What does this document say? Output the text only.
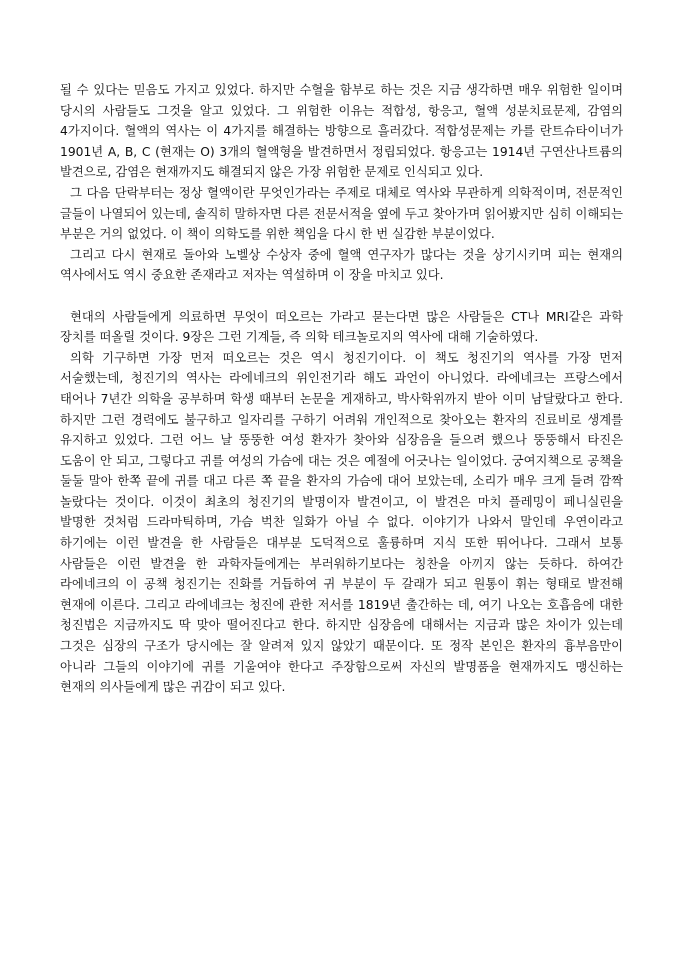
될 수 있다는 믿음도 가지고 있었다. 하지만 수혈을 함부로 하는 것은 지금 생각하면 매우 위험한 일이며 당시의 사람들도 그것을 알고 있었다. 그 위험한 이유는 적합성, 항응고, 혈액 성분치료문제, 감염의 4가지이다. 혈액의 역사는 이 4가지를 해결하는 방향으로 흘러갔다. 적합성문제는 카를 란트슈타이너가 1901년 A, B, C (현재는 O) 3개의 혈액형을 발견하면서 정립되었다. 항응고는 1914년 구연산나트륨의 발견으로, 감염은 현재까지도 해결되지 않은 가장 위험한 문제로 인식되고 있다.

그 다음 단락부터는 정상 혈액이란 무엇인가라는 주제로 대체로 역사와 무관하게 의학적이며, 전문적인 글들이 나열되어 있는데, 솔직히 말하자면 다른 전문서적을 옆에 두고 찾아가며 읽어봤지만 심히 이해되는 부분은 거의 없었다. 이 책이 의학도를 위한 책임을 다시 한 번 실감한 부분이었다.

그리고 다시 현재로 돌아와 노벨상 수상자 중에 혈액 연구자가 많다는 것을 상기시키며 피는 현재의 역사에서도 역시 중요한 존재라고 저자는 역설하며 이 장을 마치고 있다.

현대의 사람들에게 의료하면 무엇이 떠오르는 가라고 묻는다면 많은 사람들은 CT나 MRI같은 과학 장치를 떠올릴 것이다. 9장은 그런 기계들, 즉 의학 테크놀로지의 역사에 대해 기술하였다.

의학 기구하면 가장 먼저 떠오르는 것은 역시 청진기이다. 이 책도 청진기의 역사를 가장 먼저 서술했는데, 청진기의 역사는 라에네크의 위인전기라 해도 과언이 아니었다. 라에네크는 프랑스에서 태어나 7년간 의학을 공부하며 학생 때부터 논문을 게재하고, 박사학위까지 받아 이미 남달랐다고 한다. 하지만 그런 경력에도 불구하고 일자리를 구하기 어려워 개인적으로 찾아오는 환자의 진료비로 생계를 유지하고 있었다. 그런 어느 날 뚱뚱한 여성 환자가 찾아와 심장음을 들으려 했으나 뚱뚱해서 타진은 도움이 안 되고, 그렇다고 귀를 여성의 가슴에 대는 것은 예절에 어긋나는 일이었다. 궁여지책으로 공책을 둘둘 말아 한쪽 끝에 귀를 대고 다른 쪽 끝을 환자의 가슴에 대어 보았는데, 소리가 매우 크게 들려 깜짝 놀랐다는 것이다. 이것이 최초의 청진기의 발명이자 발견이고, 이 발견은 마치 플레밍이 페니실린을 발명한 것처럼 드라마틱하며, 가슴 벅찬 일화가 아닐 수 없다. 이야기가 나와서 말인데 우연이라고 하기에는 이런 발견을 한 사람들은 대부분 도덕적으로 훌륭하며 지식 또한 뛰어나다. 그래서 보통 사람들은 이런 발견을 한 과학자들에게는 부러워하기보다는 칭찬을 아끼지 않는 듯하다. 하여간 라에네크의 이 공책 청진기는 진화를 거듭하여 귀 부분이 두 갈래가 되고 원통이 휘는 형태로 발전해 현재에 이른다. 그리고 라에네크는 청진에 관한 저서를 1819년 출간하는 데, 여기 나오는 호흡음에 대한 청진법은 지금까지도 딱 맞아 떨어진다고 한다. 하지만 심장음에 대해서는 지금과 많은 차이가 있는데 그것은 심장의 구조가 당시에는 잘 알려져 있지 않았기 때문이다. 또 정작 본인은 환자의 흉부음만이 아니라 그들의 이야기에 귀를 기울여야 한다고 주장함으로써 자신의 발명품을 현재까지도 맹신하는 현재의 의사들에게 많은 귀감이 되고 있다.
